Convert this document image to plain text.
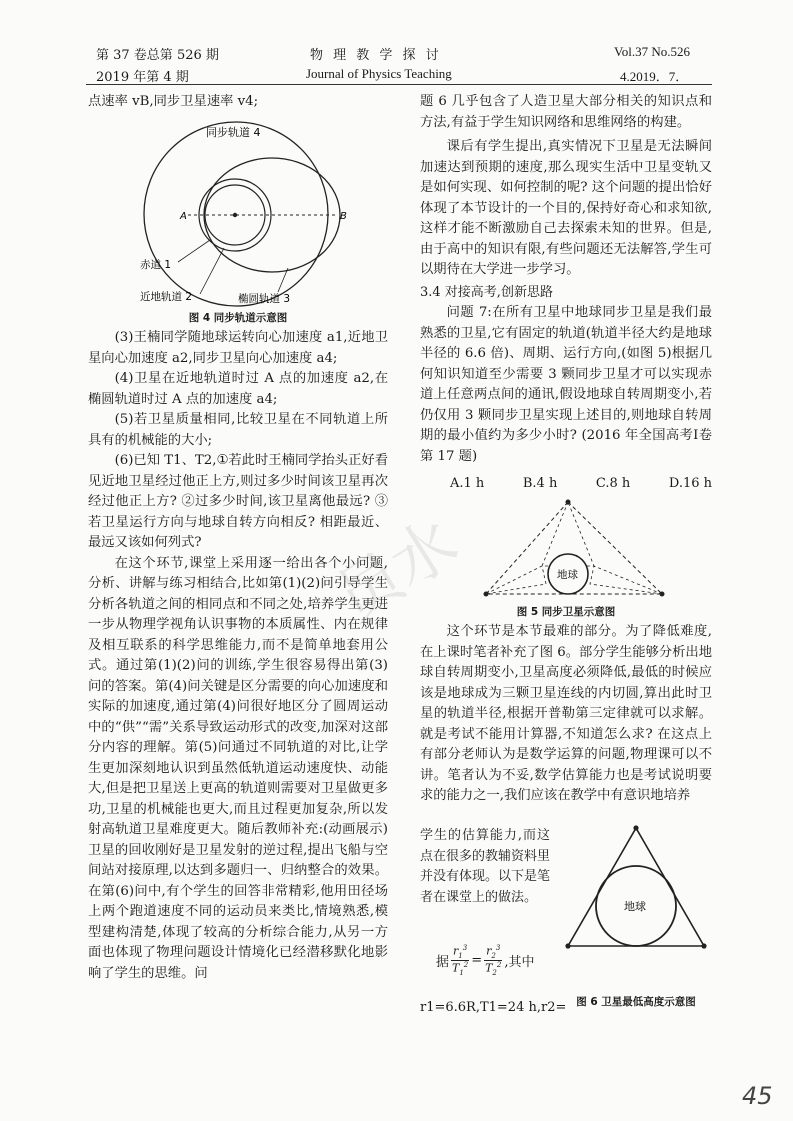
第 37 卷总第 526 期
2019 年第 4 期
物 理 教 学 探 讨
Journal of Physics Teaching
Vol.37 No.526
4.2019．7．

点速率 vB,同步卫星速率 v4;

同步轨道 4
A	B
赤道 1
近地轨道 2	椭圆轨道 3
图 4 同步轨道示意图

(3)王楠同学随地球运转向心加速度 a1,近地卫星向心加速度 a2,同步卫星向心加速度 a4;

(4)卫星在近地轨道时过 A 点的加速度 a2,在椭圆轨道时过 A 点的加速度 a4;

(5)若卫星质量相同,比较卫星在不同轨道上所具有的机械能的大小;

(6)已知 T1、T2,①若此时王楠同学抬头正好看见近地卫星经过他正上方,则过多少时间该卫星再次经过他正上方? ②过多少时间,该卫星离他最远? ③若卫星运行方向与地球自转方向相反? 相距最近、最远又该如何列式?

在这个环节,课堂上采用逐一给出各个小问题,分析、讲解与练习相结合,比如第(1)(2)问引导学生分析各轨道之间的相同点和不同之处,培养学生更进一步从物理学视角认识事物的本质属性、内在规律及相互联系的科学思维能力,而不是简单地套用公式。通过第(1)(2)问的训练,学生很容易得出第(3)问的答案。第(4)问关键是区分需要的向心加速度和实际的加速度,通过第(4)问很好地区分了圆周运动中的“供”“需”关系导致运动形式的改变,加深对这部分内容的理解。第(5)问通过不同轨道的对比,让学生更加深刻地认识到虽然低轨道运动速度快、动能大,但是把卫星送上更高的轨道则需要对卫星做更多功,卫星的机械能也更大,而且过程更加复杂,所以发射高轨道卫星难度更大。随后教师补充:(动画展示)卫星的回收刚好是卫星发射的逆过程,提出飞船与空间站对接原理,以达到多题归一、归纳整合的效果。在第(6)问中,有个学生的回答非常精彩,他用田径场上两个跑道速度不同的运动员来类比,情境熟悉,模型建构清楚,体现了较高的分析综合能力,从另一方面也体现了物理问题设计情境化已经潜移默化地影响了学生的思维。问

题 6 几乎包含了人造卫星大部分相关的知识点和方法,有益于学生知识网络和思维网络的构建。

课后有学生提出,真实情况下卫星是无法瞬间加速达到预期的速度,那么现实生活中卫星变轨又是如何实现、如何控制的呢? 这个问题的提出恰好体现了本节设计的一个目的,保持好奇心和求知欲,这样才能不断激励自己去探索未知的世界。但是,由于高中的知识有限,有些问题还无法解答,学生可以期待在大学进一步学习。

3.4 对接高考,创新思路

问题 7:在所有卫星中地球同步卫星是我们最熟悉的卫星,它有固定的轨道(轨道半径大约是地球半径的 6.6 倍)、周期、运行方向,(如图 5)根据几何知识知道至少需要 3 颗同步卫星才可以实现赤道上任意两点间的通讯,假设地球自转周期变小,若仍仅用 3 颗同步卫星实现上述目的,则地球自转周期的最小值约为多少小时? (2016 年全国高考Ⅰ卷第 17 题)

A.1 h	B.4 h	C.8 h	D.16 h
地球
图 5 同步卫星示意图

这个环节是本节最难的部分。为了降低难度,在上课时笔者补充了图 6。部分学生能够分析出地球自转周期变小,卫星高度必须降低,最低的时候应该是地球成为三颗卫星连线的内切圆,算出此时卫星的轨道半径,根据开普勒第三定律就可以求解。就是考试不能用计算器,不知道怎么求? 在这点上有部分老师认为是数学运算的问题,物理课可以不讲。笔者认为不妥,数学估算能力也是考试说明要求的能力之一,我们应该在教学中有意识地培养

学生的估算能力,而这点在很多的教辅资料里并没有体现。以下是笔者在课堂上的做法。

据 $\frac{r_1^3}{T_1^2} = \frac{r_2^3}{T_2^2}$ ,其中
r1=6.6R,T1=24 h,r2=
地球
图 6 卫星最低高度示意图
员水
45
